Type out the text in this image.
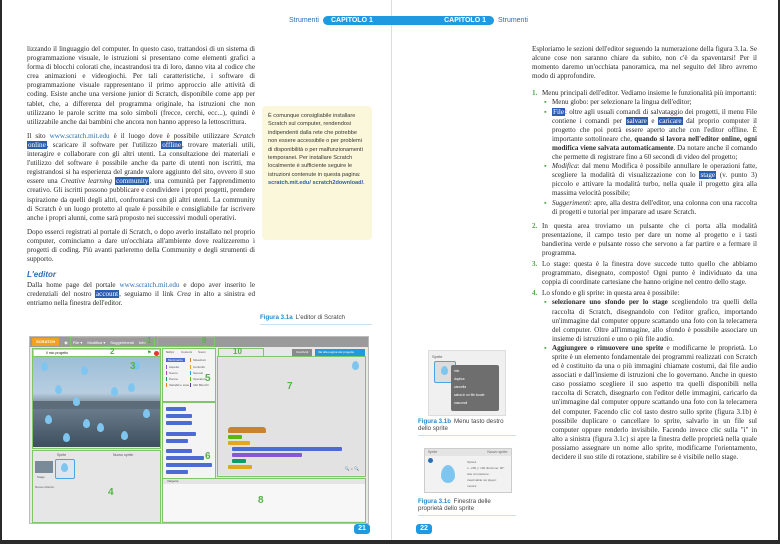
Strumenti	CAPITOLO 1	CAPITOLO 1	Strumenti

lizzando il linguaggio del computer. In questo caso, trattandosi di un sistema di programmazione visuale, le istruzioni si presentano come elementi grafici a forma di blocchi colorati che, incastrandosi tra di loro, danno vita al codice che crea animazioni e videogiochi. Per tali caratteristiche, i software di programmazione visuale rappresentano il primo approccio alle attività di coding. Esiste anche una versione junior di Scratch, disponibile come app per tablet, che, a differenza del programma originale, ha istruzioni che non utilizzano le parole scritte ma solo simboli (frecce, cerchi, ecc...), quindi è utilizzabile anche dai bambini che ancora non hanno appreso la lettoscrittura.

Il sito www.scratch.mit.edu è il luogo dove è possibile utilizzare Scratch online, scaricare il software per l'utilizzo offline, trovare materiali utili, interagire e collaborare con gli altri utenti. La consultazione dei materiali e l'utilizzo del software è possibile anche da parte di utenti non iscritti, ma registrandosi si ha esperienza del grande valore aggiunto del sito, ovvero il suo essere una Creative learning community, una comunità per l'apprendimento creativo. Gli iscritti possono pubblicare e condividere i propri progetti, prendere ispirazione da quelli degli altri, confrontarsi con gli altri utenti. La community di Scratch è un luogo protetto al quale è possibile e consigliabile far iscrivere anche i propri alunni, come sarà proposto nei successivi moduli operativi.

Dopo esserci registrati al portale di Scratch, o dopo averlo installato nel proprio computer, cominciamo a dare un'occhiata all'ambiente dove realizzeremo i progetti di coding. Più avanti parleremo della Community e degli strumenti di supporto.

L'editor

Dalla home page del portale www.scratch.mit.edu e dopo aver inserito le credenziali del nostro account, seguiamo il link Crea in alto a sinistra ed entriamo nella finestra dell'editor.

È comunque consigliabile installare Scratch sul computer, rendendosi indipendenti dalla rete che potrebbe non essere accessibile o per problemi di disponibilità o per malfunzionamenti temporanei. Per installare Scratch localmente è sufficiente seguire le istruzioni contenute in questa pagina: scratch.mit.edu/ scratch2download/.
Figura 3.1a L'editor di Scratch
SCRATCH	◉ File ▾ Modifica ▾ Suggerimenti Info 1	9
Il mio progetto	⚑
2
3
Script Costumi Suoni
Movimento
Aspetto
Suono
Penna
Variabili e Liste
Situazioni
Controllo
Sensori
Operatori
Altri Blocchi
5
6
Condividi	Vai alla pagina del progetto
10
🔍 = 🔍
7
Sprite	Nuovo sprite:
Stage
Nuovo sfondo:	4
Valigetta
8
Sprite
info
duplica
cancella
salva in un file locale
nascondi
Figura 3.1b Menu tasto destro dello sprite
Sprite	Nuovo sprite:
Sprite1
x: -200 y: 100 direzione: 90°
stile di rotazione:
trascinabile nel player:
mostra:
Figura 3.1c Finestra delle proprietà dello sprite

Esploriamo le sezioni dell'editor seguendo la numerazione della figura 3.1a. Se alcune cose non saranno chiare da subito, non c'è da spaventarsi! Per il momento daremo un'occhiata panoramica, ma nel seguito del libro avremo modo di approfondire.

1. Menu principali dell'editor. Vediamo insieme le funzionalità più importanti:
▪ Menu globo: per selezionare la lingua dell'editor;
▪ File: oltre agli usuali comandi di salvataggio dei progetti, il menu File contiene i comandi per salvare e caricare dal proprio computer il progetto che poi potrà essere aperto anche con l'editor offline. È importante sottolineare che, quando si lavora nell'editor online, ogni modifica viene salvata automaticamente. Da notare anche il comando che permette di registrare fino a 60 secondi di video del progetto;
▪ Modifica: dal menu Modifica è possibile annullare le operazioni fatte, scegliere la modalità di visualizzazione con lo stage (v. punto 3) piccolo e attivare la modalità turbo, nella quale il progetto gira alla massima velocità possibile;
▪ Suggerimenti: apre, alla destra dell'editor, una colonna con una raccolta di progetti e tutorial per imparare ad usare Scratch.
2. In questa area troviamo un pulsante che ci porta alla modalità presentazione, il campo testo per dare un nome al progetto e i tasti bandierina verde e pulsante rosso che servono a far partire e a fermare il programma.
3. Lo stage: questa è la finestra dove succede tutto quello che abbiamo programmato, disegnato, composto! Ogni punto è individuato da una coppia di coordinate cartesiane che hanno origine nel centro dello stage.
4. Lo sfondo e gli sprite: in questa area è possibile:
▪ selezionare uno sfondo per lo stage scegliendolo tra quelli della raccolta di Scratch, disegnandolo con l'editor grafico, importando un'immagine dal computer oppure scattando una foto con la telecamera del computer. Oltre all'immagine, allo sfondo è possibile associare un insieme di istruzioni e uno o più file audio.
▪ Aggiungere o rimuovere uno sprite e modificarne le proprietà. Lo sprite è un elemento fondamentale dei programmi realizzati con Scratch ed è costituito da una o più immagini chiamate costumi, dai file audio associati e dall'insieme di istruzioni che lo governano. Anche in questo caso possiamo scegliere il suo aspetto tra quelli disponibili nella raccolta di Scratch, disegnarlo con l'editor delle immagini, caricarlo da un'immagine dal computer oppure scattando una foto con la telecamera del computer. Facendo clic col tasto destro sullo sprite (figura 3.1b) è possibile duplicare o cancellare lo sprite, salvarlo in un file sul computer oppure renderlo invisibile. Facendo invece clic sulla "i" in alto a sinistra (figura 3.1c) si apre la finestra delle proprietà nella quale possiamo assegnare un nome allo sprite, modificarne l'orientamento, decidere il suo stile di rotazione, stabilire se è visibile nello stage.
21	22
